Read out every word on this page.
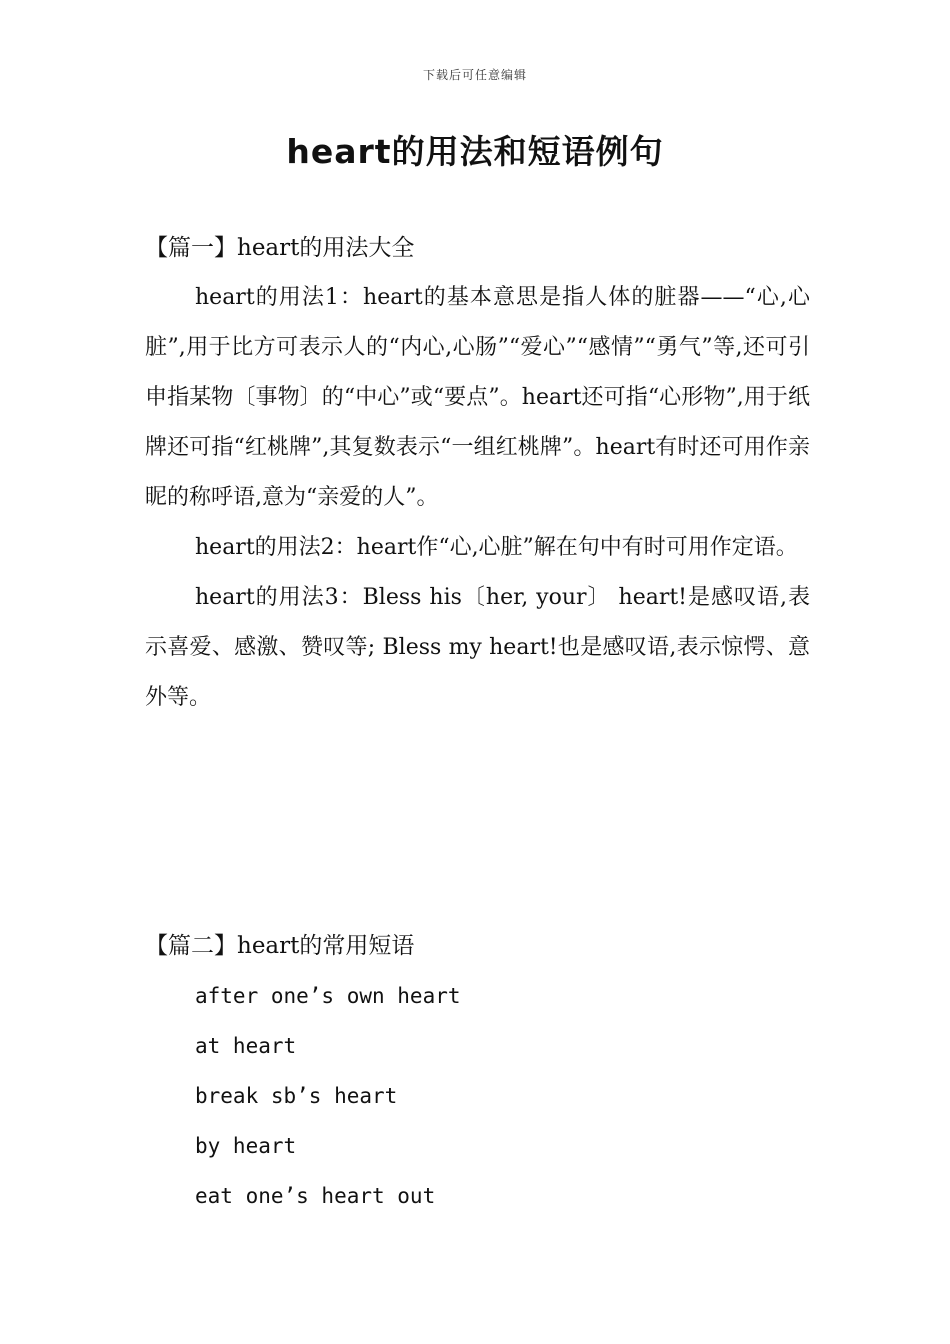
下载后可任意编辑
heart的用法和短语例句
【篇一】heart的用法大全

heart的用法1：heart的基本意思是指人体的脏器——“心,心脏”,用于比方可表示人的“内心,心肠”“爱心”“感情”“勇气”等,还可引申指某物〔事物〕的“中心”或“要点”。heart还可指“心形物”,用于纸牌还可指“红桃牌”,其复数表示“一组红桃牌”。heart有时还可用作亲昵的称呼语,意为“亲爱的人”。

heart的用法2：heart作“心,心脏”解在句中有时可用作定语。

heart的用法3：Bless his〔her, your〕 heart!是感叹语,表示喜爱、感激、赞叹等; Bless my heart!也是感叹语,表示惊愕、意外等。

【篇二】heart的常用短语
after one’s own heart
at heart
break sb’s heart
by heart
eat one’s heart out
